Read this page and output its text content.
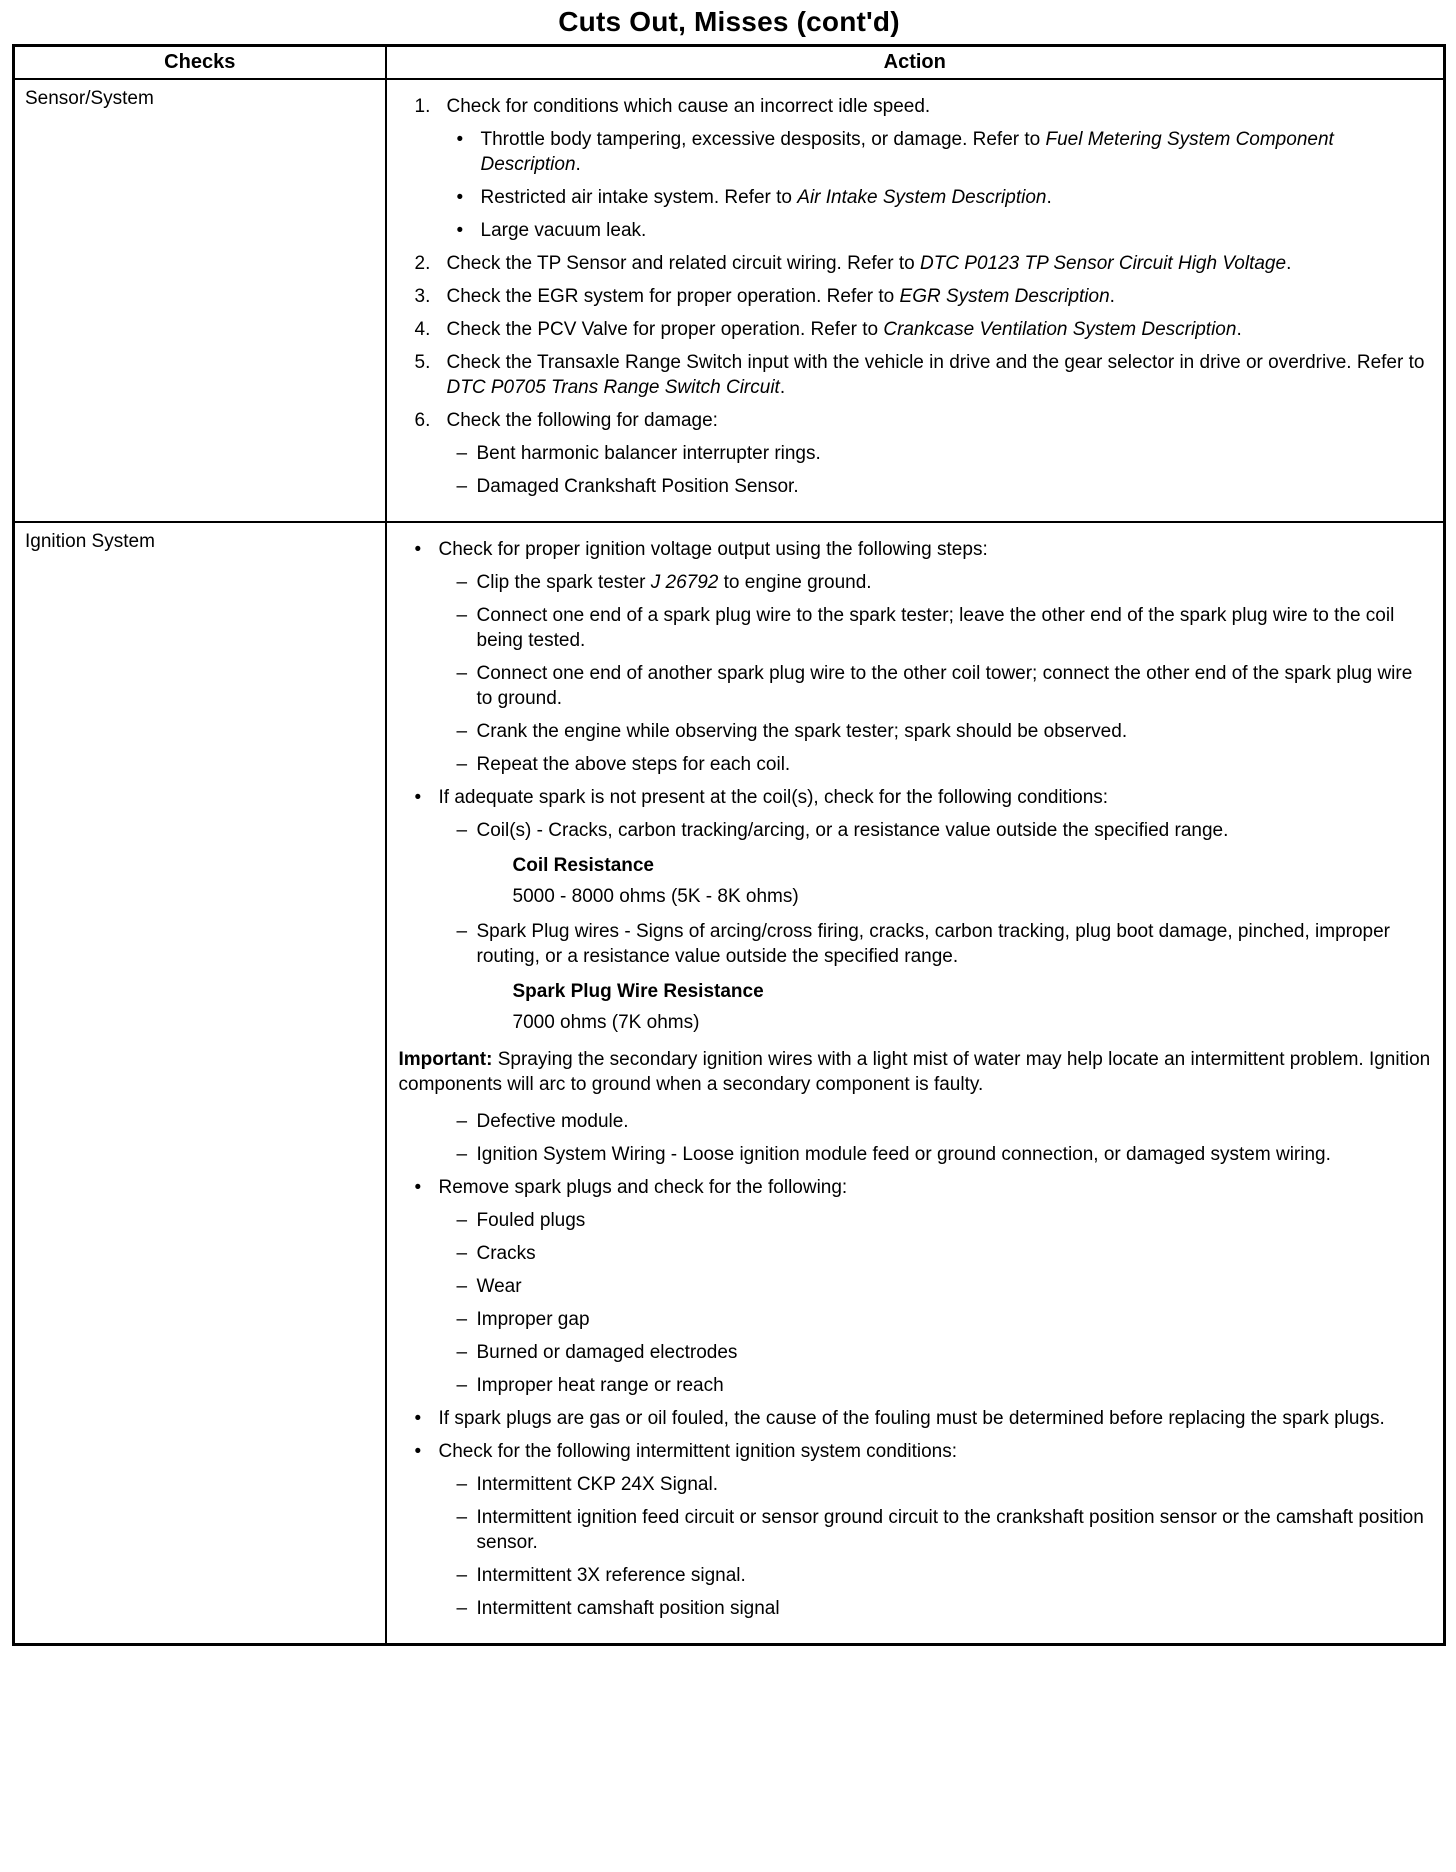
Cuts Out, Misses (cont'd)
Checks	Action
Sensor/System	1. Check for conditions which cause an incorrect idle speed.
• Throttle body tampering, excessive desposits, or damage. Refer to Fuel Metering System Component Description.
• Restricted air intake system. Refer to Air Intake System Description.
• Large vacuum leak.
2. Check the TP Sensor and related circuit wiring. Refer to DTC P0123 TP Sensor Circuit High Voltage.
3. Check the EGR system for proper operation. Refer to EGR System Description.
4. Check the PCV Valve for proper operation. Refer to Crankcase Ventilation System Description.
5. Check the Transaxle Range Switch input with the vehicle in drive and the gear selector in drive or overdrive. Refer to DTC P0705 Trans Range Switch Circuit.
6. Check the following for damage:
– Bent harmonic balancer interrupter rings.
– Damaged Crankshaft Position Sensor.

Ignition System	• Check for proper ignition voltage output using the following steps:
– Clip the spark tester J 26792 to engine ground.
– Connect one end of a spark plug wire to the spark tester; leave the other end of the spark plug wire to the coil being tested.
– Connect one end of another spark plug wire to the other coil tower; connect the other end of the spark plug wire to ground.
– Crank the engine while observing the spark tester; spark should be observed.
– Repeat the above steps for each coil.
• If adequate spark is not present at the coil(s), check for the following conditions:
– Coil(s) - Cracks, carbon tracking/arcing, or a resistance value outside the specified range.
Coil Resistance
5000 - 8000 ohms (5K - 8K ohms)
– Spark Plug wires - Signs of arcing/cross firing, cracks, carbon tracking, plug boot damage, pinched, improper routing, or a resistance value outside the specified range.
Spark Plug Wire Resistance
7000 ohms (7K ohms)
Important: Spraying the secondary ignition wires with a light mist of water may help locate an intermittent problem. Ignition components will arc to ground when a secondary component is faulty.
– Defective module.
– Ignition System Wiring - Loose ignition module feed or ground connection, or damaged system wiring.
• Remove spark plugs and check for the following:
– Fouled plugs
– Cracks
– Wear
– Improper gap
– Burned or damaged electrodes
– Improper heat range or reach
• If spark plugs are gas or oil fouled, the cause of the fouling must be determined before replacing the spark plugs.
• Check for the following intermittent ignition system conditions:
– Intermittent CKP 24X Signal.
– Intermittent ignition feed circuit or sensor ground circuit to the crankshaft position sensor or the camshaft position sensor.
– Intermittent 3X reference signal.
– Intermittent camshaft position signal
